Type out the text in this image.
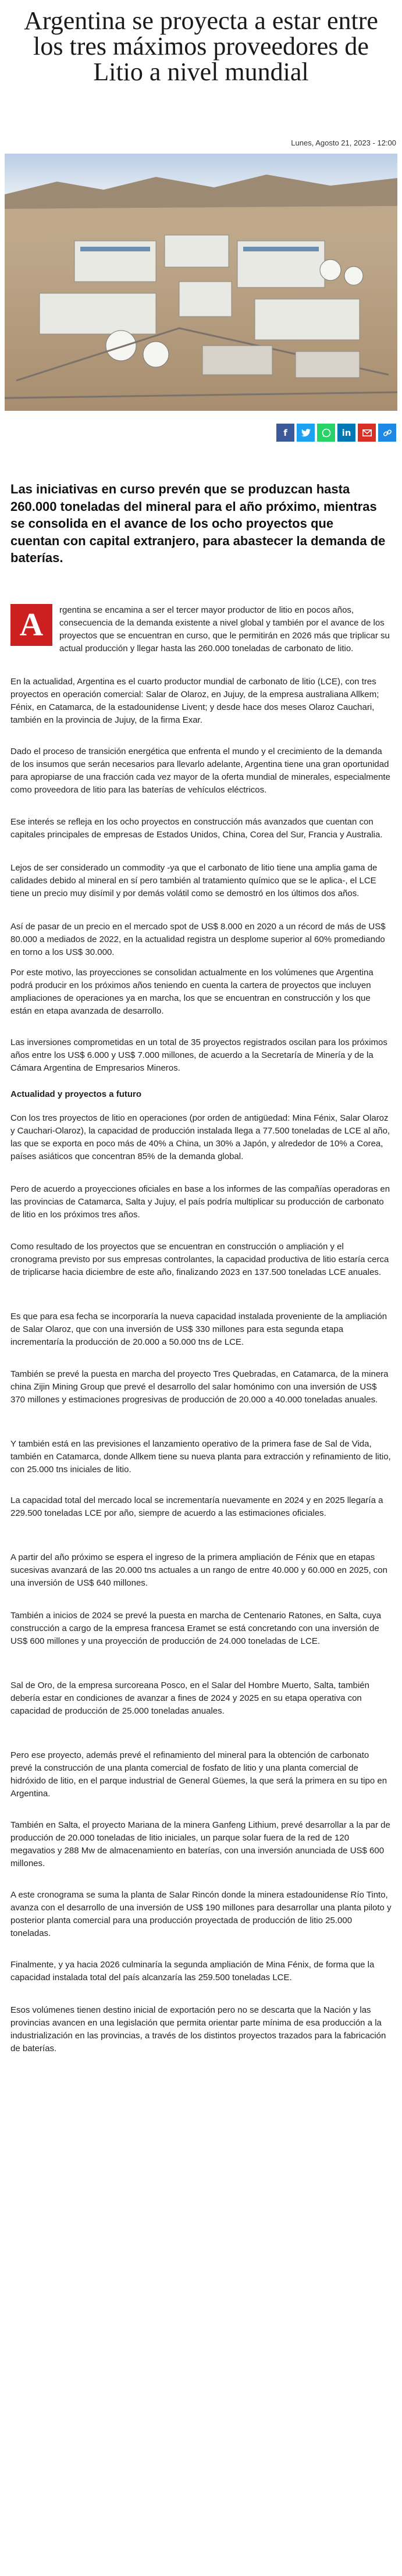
Argentina se proyecta a estar entre los tres máximos proveedores de Litio a nivel mundial
Lunes, Agosto 21, 2023 - 12:00
f	in

Las iniciativas en curso prevén que se produzcan hasta 260.000 toneladas del mineral para el año próximo, mientras se consolida en el avance de los ocho proyectos que cuentan con capital extranjero, para abastecer la demanda de baterías.

rgentina se encamina a ser el tercer mayor productor de litio en pocos años, consecuencia de la demanda existente a nivel global y también por el avance de los proyectos que se encuentran en curso, que le permitirán en 2026 más que triplicar su actual producción y llegar hasta las 260.000 toneladas de carbonato de litio.

A

En la actualidad, Argentina es el cuarto productor mundial de carbonato de litio (LCE), con tres proyectos en operación comercial: Salar de Olaroz, en Jujuy, de la empresa australiana Allkem; Fénix, en Catamarca, de la estadounidense Livent; y desde hace dos meses Olaroz Cauchari, también en la provincia de Jujuy, de la firma Exar.

Dado el proceso de transición energética que enfrenta el mundo y el crecimiento de la demanda de los insumos que serán necesarios para llevarlo adelante, Argentina tiene una gran oportunidad para apropiarse de una fracción cada vez mayor de la oferta mundial de minerales, especialmente como proveedora de litio para las baterías de vehículos eléctricos.

Ese interés se refleja en los ocho proyectos en construcción más avanzados que cuentan con capitales principales de empresas de Estados Unidos, China, Corea del Sur, Francia y Australia.

Lejos de ser considerado un commodity -ya que el carbonato de litio tiene una amplia gama de calidades debido al mineral en sí pero también al tratamiento químico que se le aplica-, el LCE tiene un precio muy disímil y por demás volátil como se demostró en los últimos dos años.

Así de pasar de un precio en el mercado spot de US$ 8.000 en 2020 a un récord de más de US$ 80.000 a mediados de 2022, en la actualidad registra un desplome superior al 60% promediando en torno a los US$ 30.000.

Por este motivo, las proyecciones se consolidan actualmente en los volúmenes que Argentina podrá producir en los próximos años teniendo en cuenta la cartera de proyectos que incluyen ampliaciones de operaciones ya en marcha, los que se encuentran en construcción y los que están en etapa avanzada de desarrollo.

Las inversiones comprometidas en un total de 35 proyectos registrados oscilan para los próximos años entre los US$ 6.000 y US$ 7.000 millones, de acuerdo a la Secretaría de Minería y de la Cámara Argentina de Empresarios Mineros.

Actualidad y proyectos a futuro

Con los tres proyectos de litio en operaciones (por orden de antigüedad: Mina Fénix, Salar Olaroz y Cauchari-Olaroz), la capacidad de producción instalada llega a 77.500 toneladas de LCE al año, las que se exporta en poco más de 40% a China, un 30% a Japón, y alrededor de 10% a Corea, países asiáticos que concentran 85% de la demanda global.

Pero de acuerdo a proyecciones oficiales en base a los informes de las compañías operadoras en las provincias de Catamarca, Salta y Jujuy, el país podría multiplicar su producción de carbonato de litio en los próximos tres años.

Como resultado de los proyectos que se encuentran en construcción o ampliación y el cronograma previsto por sus empresas controlantes, la capacidad productiva de litio estaría cerca de triplicarse hacia diciembre de este año, finalizando 2023 en 137.500 toneladas LCE anuales.

Es que para esa fecha se incorporaría la nueva capacidad instalada proveniente de la ampliación de Salar Olaroz, que con una inversión de US$ 330 millones para esta segunda etapa incrementaría la producción de 20.000 a 50.000 tns de LCE.

También se prevé la puesta en marcha del proyecto Tres Quebradas, en Catamarca, de la minera china Zijin Mining Group que prevé el desarrollo del salar homónimo con una inversión de US$ 370 millones y estimaciones progresivas de producción de 20.000 a 40.000 toneladas anuales.

Y también está en las previsiones el lanzamiento operativo de la primera fase de Sal de Vida, también en Catamarca, donde Allkem tiene su nueva planta para extracción y refinamiento de litio, con 25.000 tns iniciales de litio.

La capacidad total del mercado local se incrementaría nuevamente en 2024 y en 2025 llegaría a 229.500 toneladas LCE por año, siempre de acuerdo a las estimaciones oficiales.

A partir del año próximo se espera el ingreso de la primera ampliación de Fénix que en etapas sucesivas avanzará de las 20.000 tns actuales a un rango de entre 40.000 y 60.000 en 2025, con una inversión de US$ 640 millones.

También a inicios de 2024 se prevé la puesta en marcha de Centenario Ratones, en Salta, cuya construcción a cargo de la empresa francesa Eramet se está concretando con una inversión de US$ 600 millones y una proyección de producción de 24.000 toneladas de LCE.

Sal de Oro, de la empresa surcoreana Posco, en el Salar del Hombre Muerto, Salta, también debería estar en condiciones de avanzar a fines de 2024 y 2025 en su etapa operativa con capacidad de producción de 25.000 toneladas anuales.

Pero ese proyecto, además prevé el refinamiento del mineral para la obtención de carbonato prevé la construcción de una planta comercial de fosfato de litio y una planta comercial de hidróxido de litio, en el parque industrial de General Güemes, la que será la primera en su tipo en Argentina.

También en Salta, el proyecto Mariana de la minera Ganfeng Lithium, prevé desarrollar a la par de producción de 20.000 toneladas de litio iniciales, un parque solar fuera de la red de 120 megavatios y 288 Mw de almacenamiento en baterías, con una inversión anunciada de US$ 600 millones.

A este cronograma se suma la planta de Salar Rincón donde la minera estadounidense Río Tinto, avanza con el desarrollo de una inversión de US$ 190 millones para desarrollar una planta piloto y posterior planta comercial para una producción proyectada de producción de litio 25.000 toneladas.

Finalmente, y ya hacia 2026 culminaría la segunda ampliación de Mina Fénix, de forma que la capacidad instalada total del país alcanzaría las 259.500 toneladas LCE.

Esos volúmenes tienen destino inicial de exportación pero no se descarta que la Nación y las provincias avancen en una legislación que permita orientar parte mínima de esa producción a la industrialización en las provincias, a través de los distintos proyectos trazados para la fabricación de baterías.
